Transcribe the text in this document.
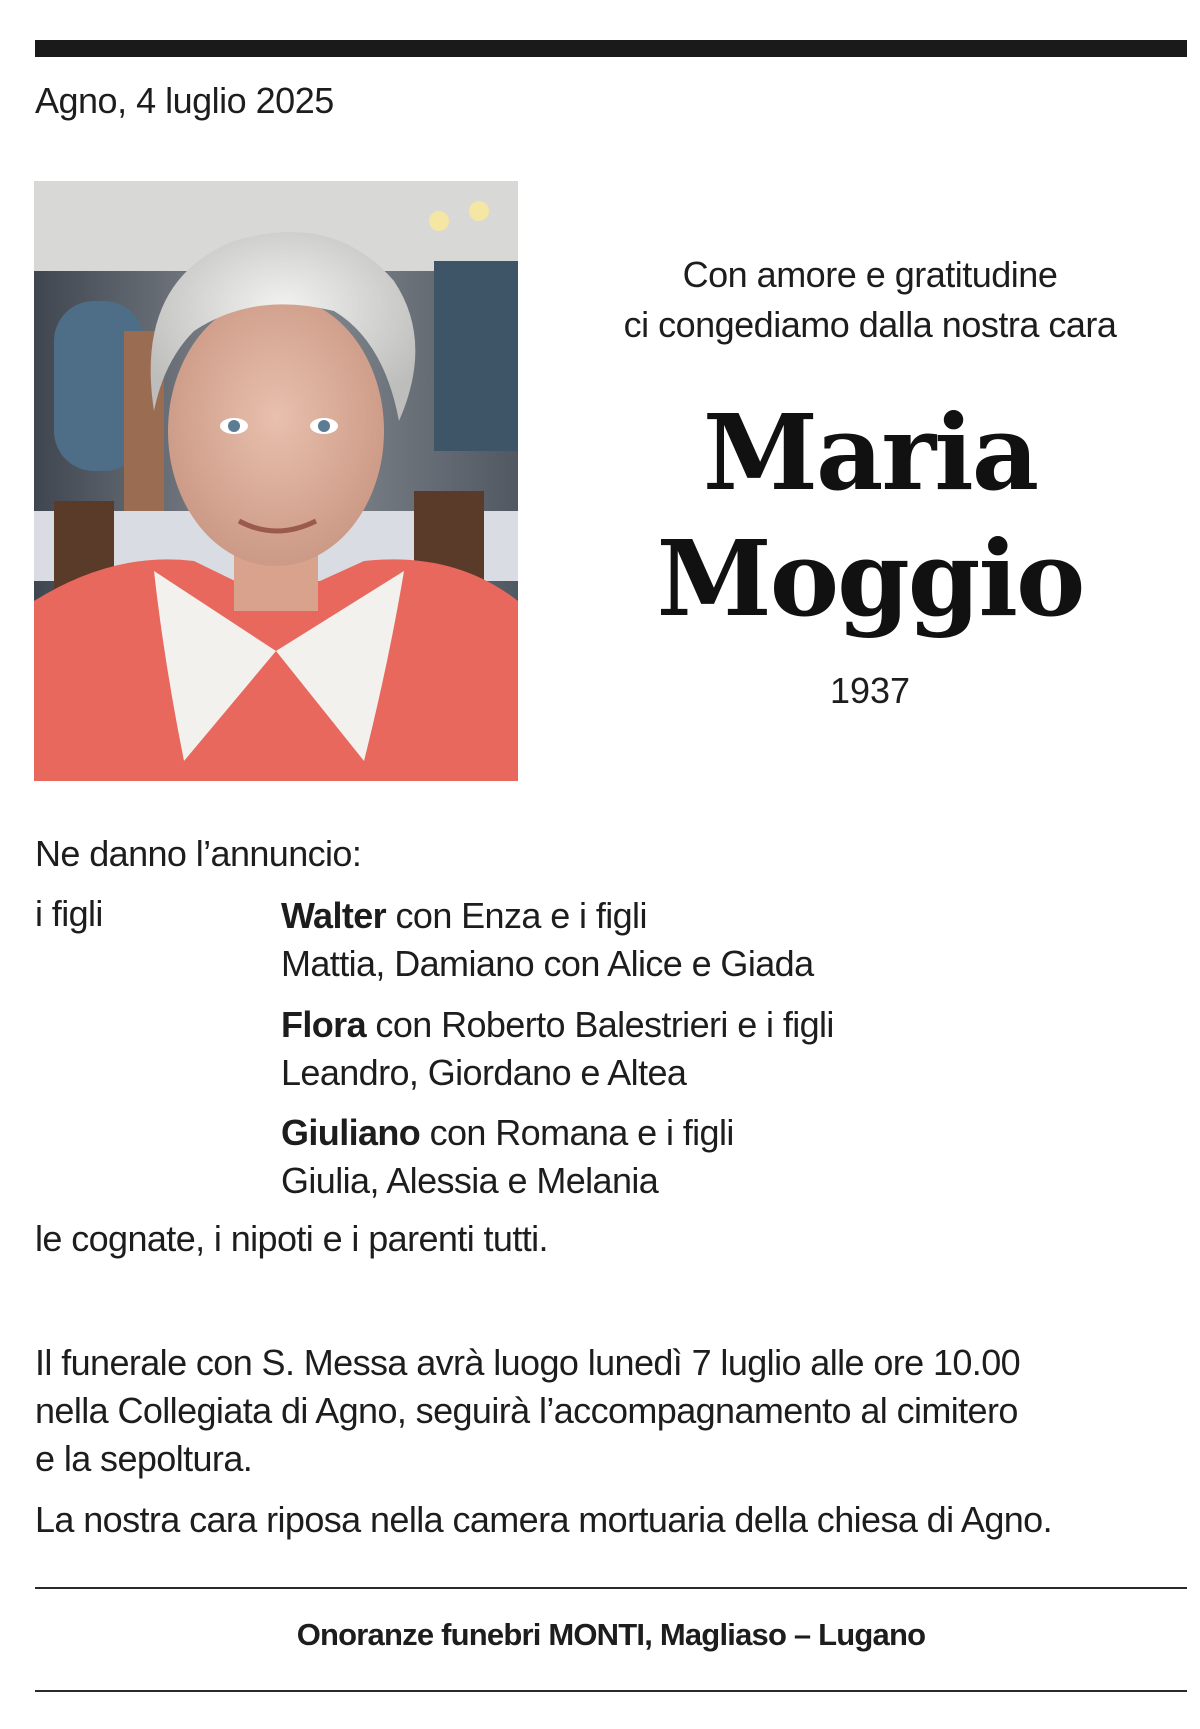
Agno, 4 luglio 2025
Con amore e gratitudine
ci congediamo dalla nostra cara
Maria
Moggio
1937
Ne danno l’annuncio:
i figli	Walter con Enza e i figli
Mattia, Damiano con Alice e Giada
Flora con Roberto Balestrieri e i figli
Leandro, Giordano e Altea
Giuliano con Romana e i figli
Giulia, Alessia e Melania
le cognate, i nipoti e i parenti tutti.
Il funerale con S. Messa avrà luogo lunedì 7 luglio alle ore 10.00
nella Collegiata di Agno, seguirà l’accompagnamento al cimitero
e la sepoltura.
La nostra cara riposa nella camera mortuaria della chiesa di Agno.
Onoranze funebri MONTI, Magliaso – Lugano
